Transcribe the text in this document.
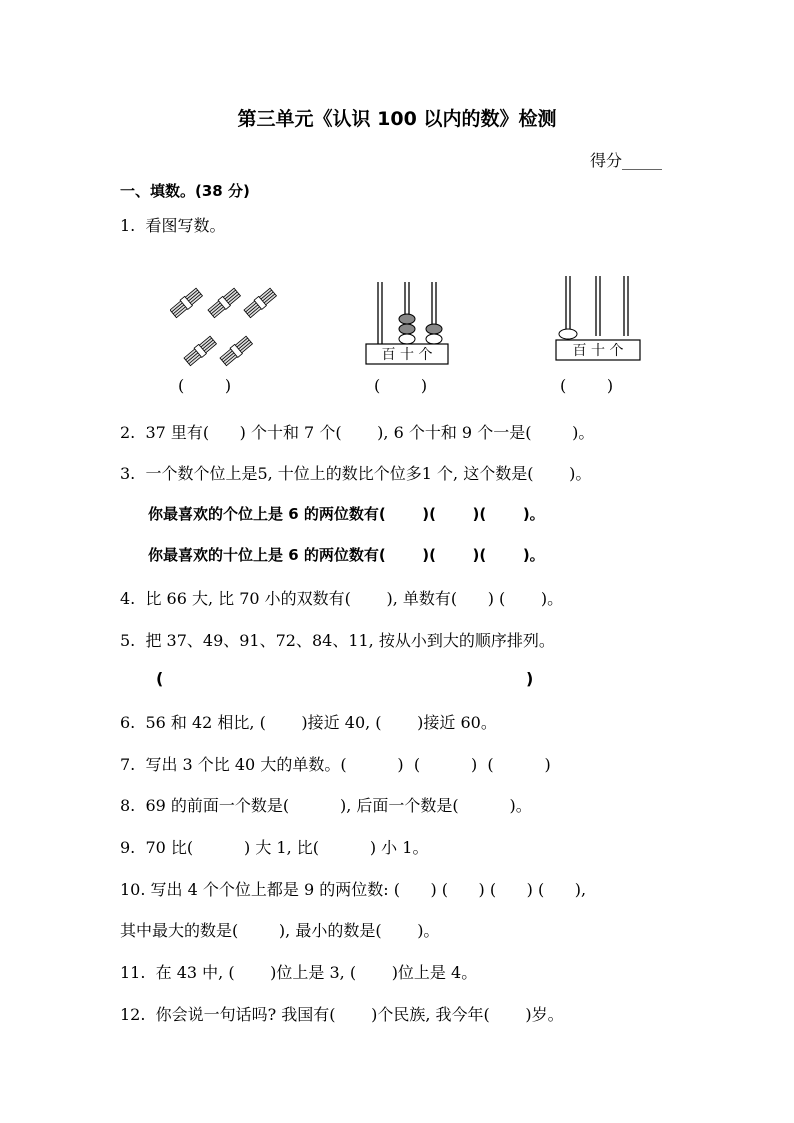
第三单元《认识 100 以内的数》检测
得分_____
一、填数。(38 分)
1.  看图写数。
百 十 个	百 十 个
(        )	(        )	(        )
2.  37 里有(      ) 个十和 7 个(       ), 6 个十和 9 个一是(        )。
3.  一个数个位上是5, 十位上的数比个位多1 个, 这个数是(       )。
你最喜欢的个位上是 6 的两位数有(       )(       )(       )。
你最喜欢的十位上是 6 的两位数有(       )(       )(       )。
4.  比 66 大, 比 70 小的双数有(       ), 单数有(      ) (       )。
5.  把 37、49、91、72、84、11, 按从小到大的顺序排列。
(	)
6.  56 和 42 相比, (       )接近 40, (       )接近 60。
7.  写出 3 个比 40 大的单数。(          )  (          )  (          )
8.  69 的前面一个数是(          ), 后面一个数是(          )。
9.  70 比(          ) 大 1, 比(          ) 小 1。
10. 写出 4 个个位上都是 9 的两位数: (      ) (      ) (      ) (      ),
其中最大的数是(        ), 最小的数是(       )。
11.  在 43 中, (       )位上是 3, (       )位上是 4。
12.  你会说一句话吗? 我国有(       )个民族, 我今年(       )岁。
